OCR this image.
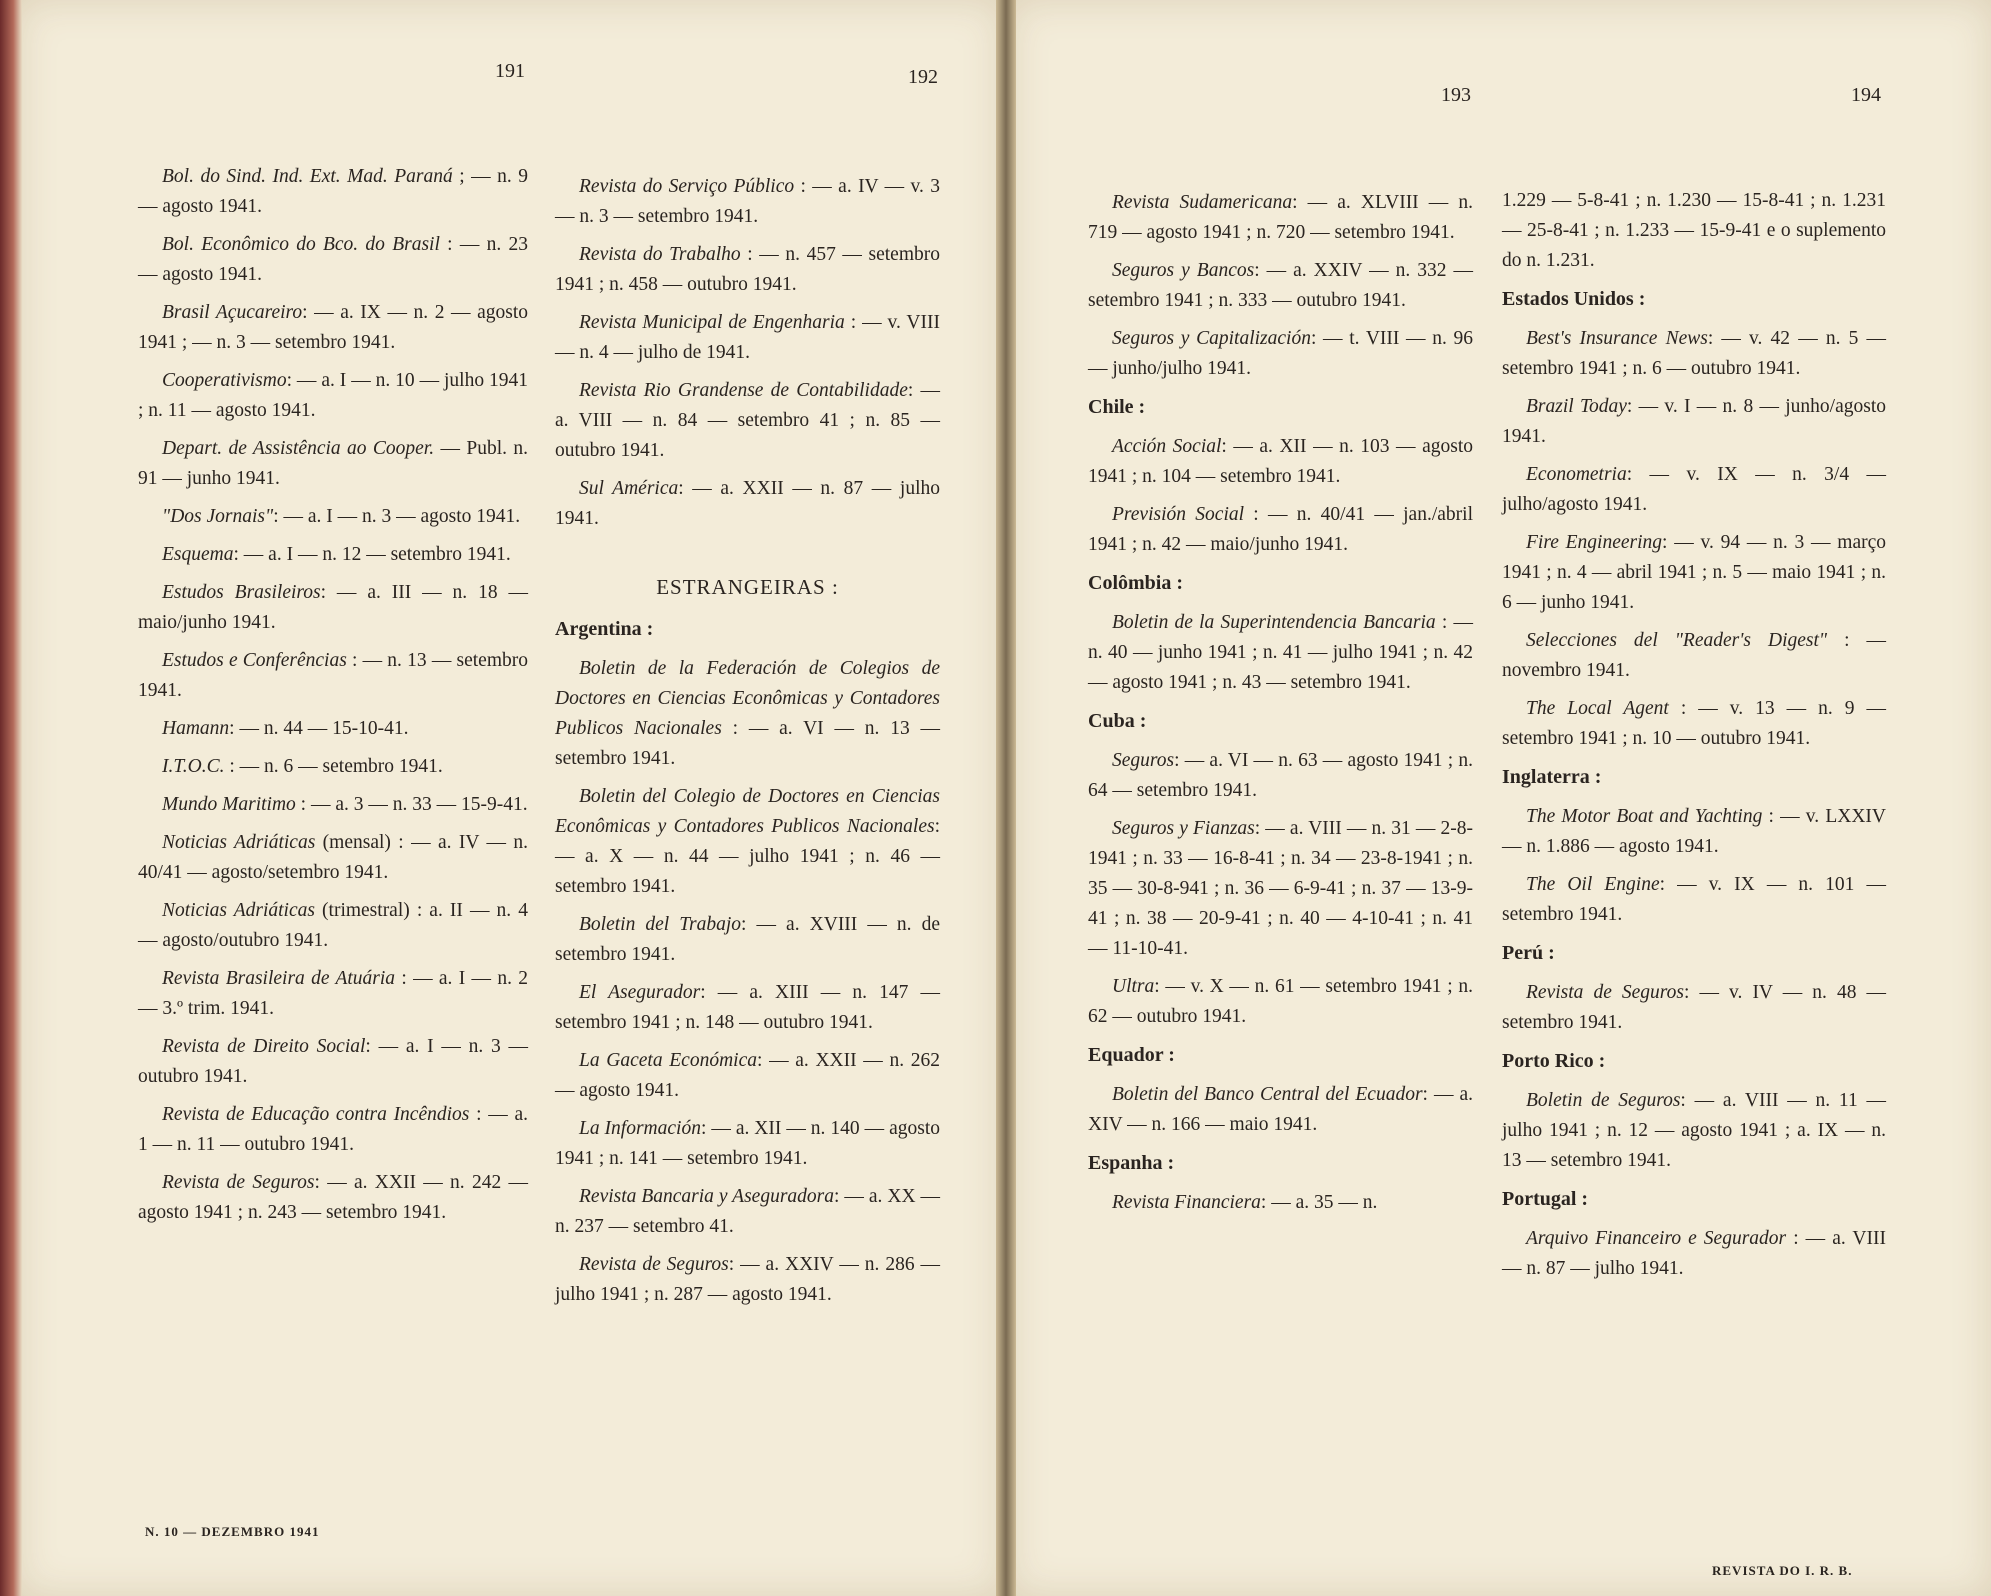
191	192
193	194
Bol. do Sind. Ind. Ext. Mad. Paraná ; — n. 9 — agosto 1941.
Bol. Econômico do Bco. do Brasil : — n. 23 — agosto 1941.
Brasil Açucareiro: — a. IX — n. 2 — agosto 1941 ; — n. 3 — setembro 1941.
Cooperativismo: — a. I — n. 10 — julho 1941 ; n. 11 — agosto 1941.
Depart. de Assistência ao Cooper. — Publ. n. 91 — junho 1941.
"Dos Jornais": — a. I — n. 3 — agosto 1941.
Esquema: — a. I — n. 12 — setembro 1941.
Estudos Brasileiros: — a. III — n. 18 — maio/junho 1941.
Estudos e Conferências : — n. 13 — setembro 1941.
Hamann: — n. 44 — 15-10-41.
I.T.O.C. : — n. 6 — setembro 1941.
Mundo Maritimo : — a. 3 — n. 33 — 15-9-41.
Noticias Adriáticas (mensal) : — a. IV — n. 40/41 — agosto/setembro 1941.
Noticias Adriáticas (trimestral) : a. II — n. 4 — agosto/outubro 1941.
Revista Brasileira de Atuária : — a. I — n. 2 — 3.º trim. 1941.
Revista de Direito Social: — a. I — n. 3 — outubro 1941.
Revista de Educação contra Incêndios : — a. 1 — n. 11 — outubro 1941.
Revista de Seguros: — a. XXII — n. 242 — agosto 1941 ; n. 243 — setembro 1941.
Revista do Serviço Público : — a. IV — v. 3 — n. 3 — setembro 1941.
Revista do Trabalho : — n. 457 — setembro 1941 ; n. 458 — outubro 1941.
Revista Municipal de Engenharia : — v. VIII — n. 4 — julho de 1941.
Revista Rio Grandense de Contabilidade: — a. VIII — n. 84 — setembro 41 ; n. 85 — outubro 1941.
Sul América: — a. XXII — n. 87 — julho 1941.
ESTRANGEIRAS :
Argentina :
Boletin de la Federación de Colegios de Doctores en Ciencias Econômicas y Contadores Publicos Nacionales : — a. VI — n. 13 — setembro 1941.
Boletin del Colegio de Doctores en Ciencias Econômicas y Contadores Publicos Nacionales: — a. X — n. 44 — julho 1941 ; n. 46 — setembro 1941.
Boletin del Trabajo: — a. XVIII — n. de setembro 1941.
El Asegurador: — a. XIII — n. 147 — setembro 1941 ; n. 148 — outubro 1941.
La Gaceta Económica: — a. XXII — n. 262 — agosto 1941.
La Información: — a. XII — n. 140 — agosto 1941 ; n. 141 — setembro 1941.
Revista Bancaria y Aseguradora: — a. XX — n. 237 — setembro 41.
Revista de Seguros: — a. XXIV — n. 286 — julho 1941 ; n. 287 — agosto 1941.
Revista Sudamericana: — a. XLVIII — n. 719 — agosto 1941 ; n. 720 — setembro 1941.
Seguros y Bancos: — a. XXIV — n. 332 — setembro 1941 ; n. 333 — outubro 1941.
Seguros y Capitalización: — t. VIII — n. 96 — junho/julho 1941.
Chile :
Acción Social: — a. XII — n. 103 — agosto 1941 ; n. 104 — setembro 1941.
Previsión Social : — n. 40/41 — jan./abril 1941 ; n. 42 — maio/junho 1941.
Colômbia :
Boletin de la Superintendencia Bancaria : — n. 40 — junho 1941 ; n. 41 — julho 1941 ; n. 42 — agosto 1941 ; n. 43 — setembro 1941.
Cuba :
Seguros: — a. VI — n. 63 — agosto 1941 ; n. 64 — setembro 1941.
Seguros y Fianzas: — a. VIII — n. 31 — 2-8-1941 ; n. 33 — 16-8-41 ; n. 34 — 23-8-1941 ; n. 35 — 30-8-941 ; n. 36 — 6-9-41 ; n. 37 — 13-9-41 ; n. 38 — 20-9-41 ; n. 40 — 4-10-41 ; n. 41 — 11-10-41.
Ultra: — v. X — n. 61 — setembro 1941 ; n. 62 — outubro 1941.
Equador :
Boletin del Banco Central del Ecuador: — a. XIV — n. 166 — maio 1941.
Espanha :
Revista Financiera: — a. 35 — n.
1.229 — 5-8-41 ; n. 1.230 — 15-8-41 ; n. 1.231 — 25-8-41 ; n. 1.233 — 15-9-41 e o suplemento do n. 1.231.
Estados Unidos :
Best's Insurance News: — v. 42 — n. 5 — setembro 1941 ; n. 6 — outubro 1941.
Brazil Today: — v. I — n. 8 — junho/agosto 1941.
Econometria: — v. IX — n. 3/4 — julho/agosto 1941.
Fire Engineering: — v. 94 — n. 3 — março 1941 ; n. 4 — abril 1941 ; n. 5 — maio 1941 ; n. 6 — junho 1941.
Selecciones del "Reader's Digest" : — novembro 1941.
The Local Agent : — v. 13 — n. 9 — setembro 1941 ; n. 10 — outubro 1941.
Inglaterra :
The Motor Boat and Yachting : — v. LXXIV — n. 1.886 — agosto 1941.
The Oil Engine: — v. IX — n. 101 — setembro 1941.
Perú :
Revista de Seguros: — v. IV — n. 48 — setembro 1941.
Porto Rico :
Boletin de Seguros: — a. VIII — n. 11 — julho 1941 ; n. 12 — agosto 1941 ; a. IX — n. 13 — setembro 1941.
Portugal :
Arquivo Financeiro e Segurador : — a. VIII — n. 87 — julho 1941.
N. 10 — DEZEMBRO 1941
REVISTA DO I. R. B.
